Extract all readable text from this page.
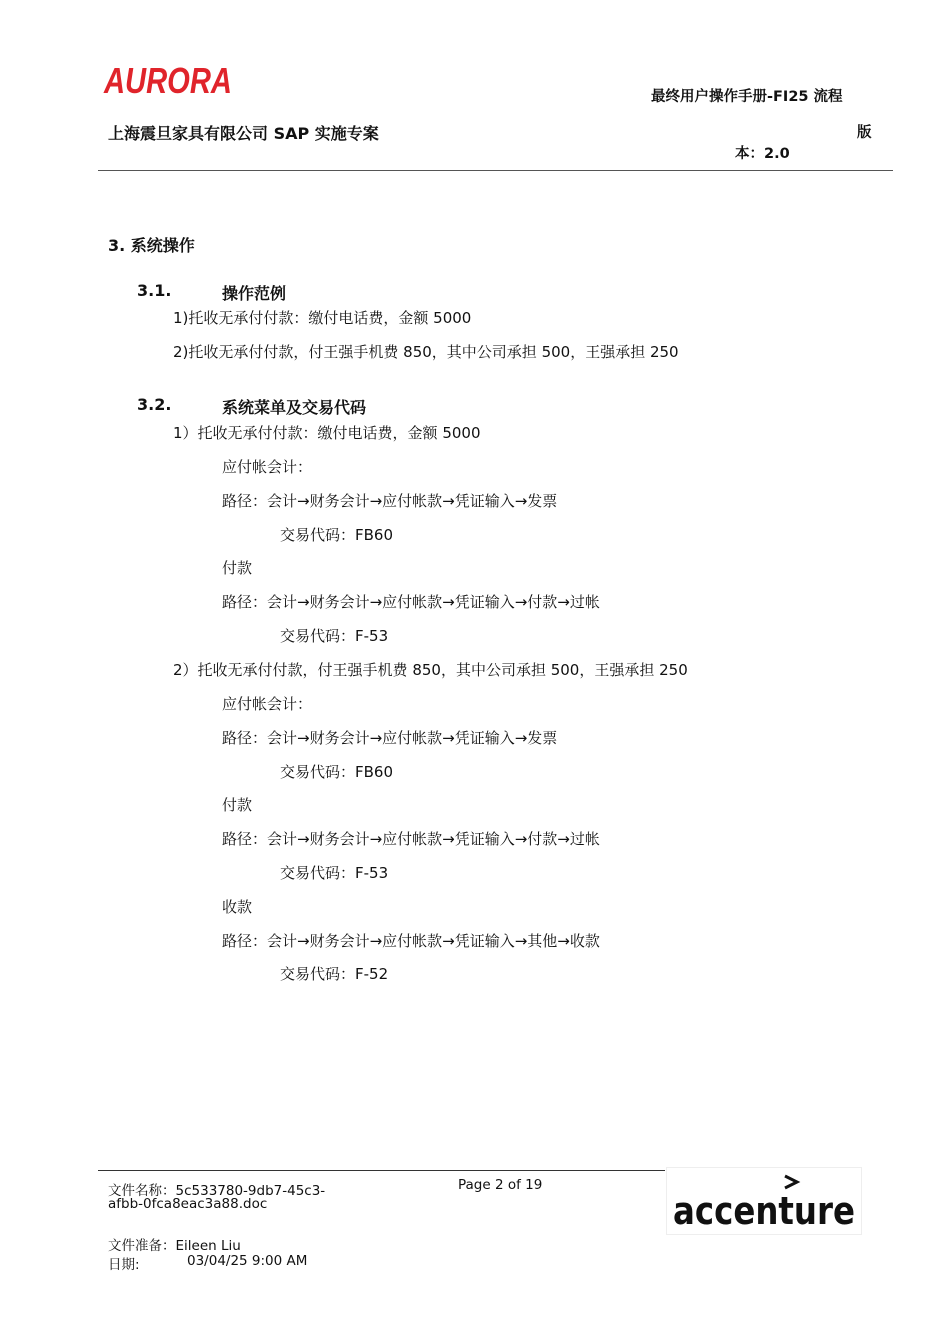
AURORA	最终用户操作手册-FI25 流程
上海震旦家具有限公司 SAP 实施专案	版
本：2.0
3. 系统操作
3.1.	操作范例
1)托收无承付付款：缴付电话费，金额 5000
2)托收无承付付款，付王强手机费 850，其中公司承担 500，王强承担 250
3.2.	系统菜单及交易代码
1）托收无承付付款：缴付电话费，金额 5000
应付帐会计：
路径：会计→财务会计→应付帐款→凭证输入→发票
交易代码：FB60
付款
路径：会计→财务会计→应付帐款→凭证输入→付款→过帐
交易代码：F-53
2）托收无承付付款，付王强手机费 850，其中公司承担 500，王强承担 250
应付帐会计：
路径：会计→财务会计→应付帐款→凭证输入→发票
交易代码：FB60
付款
路径：会计→财务会计→应付帐款→凭证输入→付款→过帐
交易代码：F-53
收款
路径：会计→财务会计→应付帐款→凭证输入→其他→收款
交易代码：F-52
文件名称：5c533780-9db7-45c3-
afbb-0fca8eac3a88.doc
Page 2 of 19
文件准备：Eileen Liu
日期:	03/04/25 9:00 AM
accenture
